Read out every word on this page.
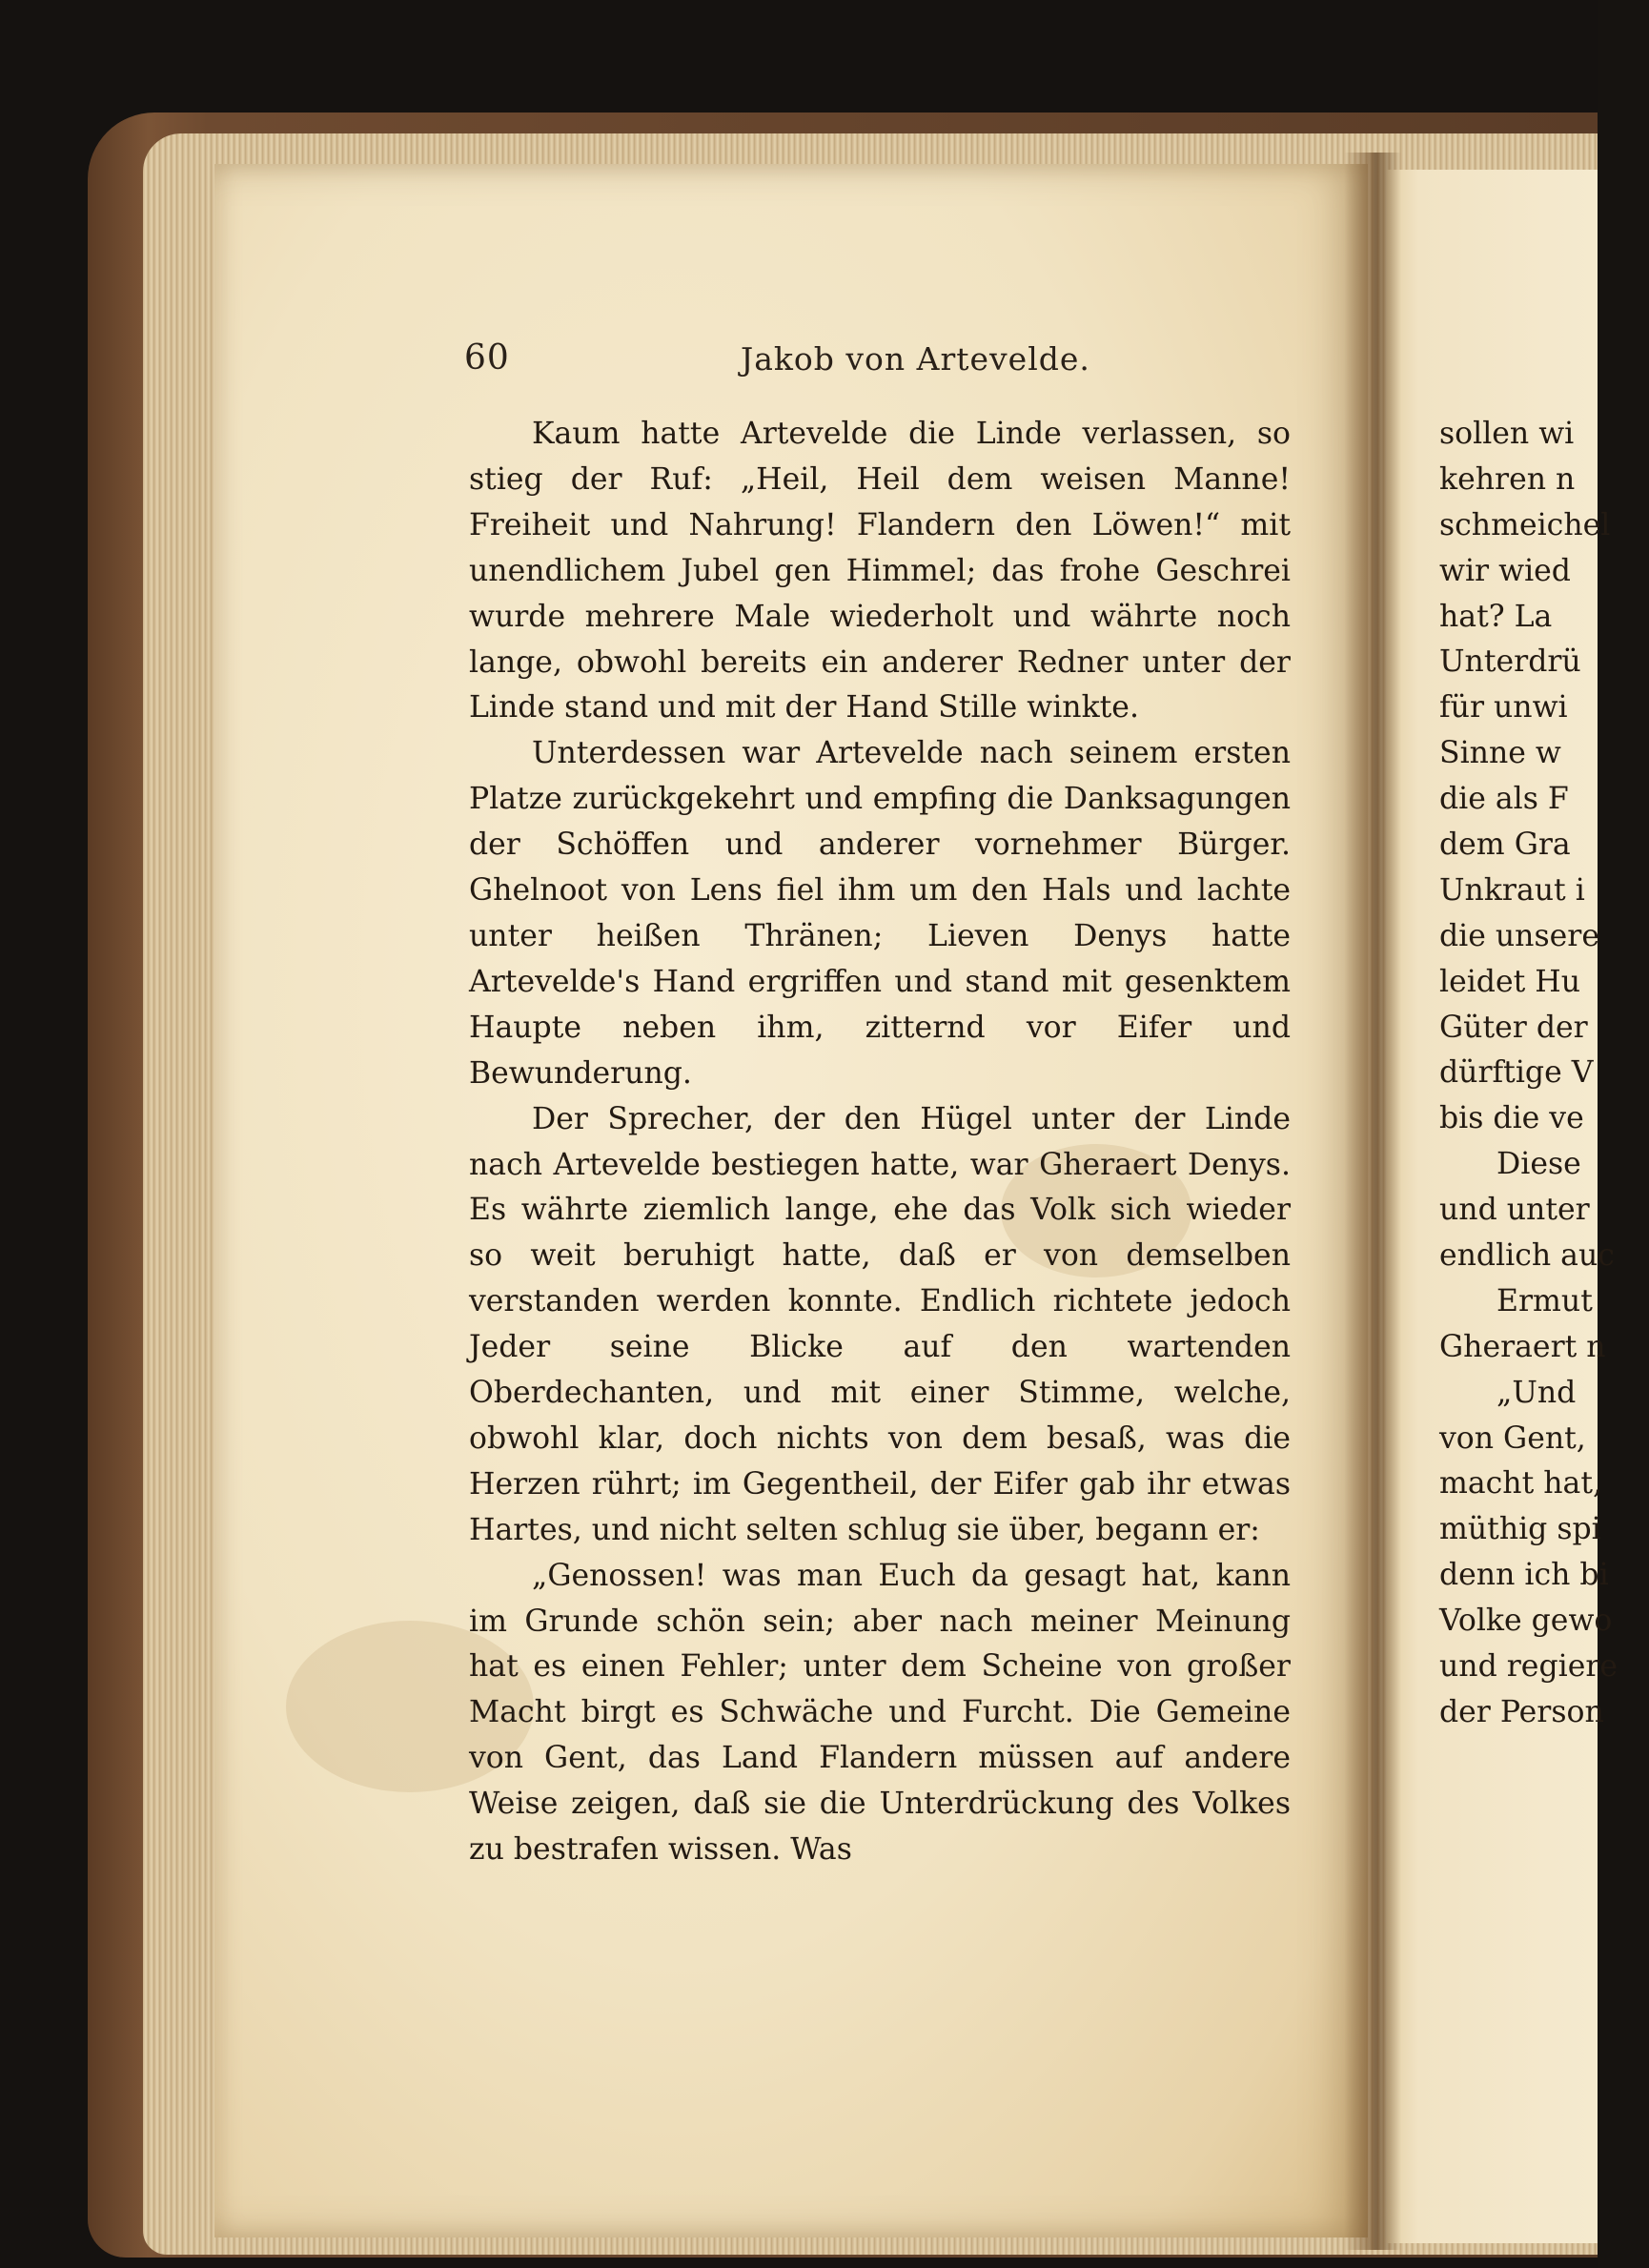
60	Jakob von Artevelde.

Kaum hatte Artevelde die Linde verlassen, so stieg der Ruf: „Heil, Heil dem weisen Manne! Freiheit und Nahrung! Flandern den Löwen!“ mit unendlichem Jubel gen Himmel; das frohe Geschrei wurde mehrere Male wiederholt und währte noch lange, obwohl bereits ein anderer Redner unter der Linde stand und mit der Hand Stille winkte.

Unterdessen war Artevelde nach seinem ersten Platze zurückgekehrt und empfing die Danksagungen der Schöffen und anderer vornehmer Bürger. Ghelnoot von Lens fiel ihm um den Hals und lachte unter heißen Thränen; Lieven Denys hatte Artevelde's Hand ergriffen und stand mit gesenktem Haupte neben ihm, zitternd vor Eifer und Bewunderung.

Der Sprecher, der den Hügel unter der Linde nach Artevelde bestiegen hatte, war Gheraert Denys. Es währte ziemlich lange, ehe das Volk sich wieder so weit beruhigt hatte, daß er von demselben verstanden werden konnte. Endlich richtete jedoch Jeder seine Blicke auf den wartenden Oberdechanten, und mit einer Stimme, welche, obwohl klar, doch nichts von dem besaß, was die Herzen rührt; im Gegentheil, der Eifer gab ihr etwas Hartes, und nicht selten schlug sie über, begann er:

„Genossen! was man Euch da gesagt hat, kann im Grunde schön sein; aber nach meiner Meinung hat es einen Fehler; unter dem Scheine von großer Macht birgt es Schwäche und Furcht. Die Gemeine von Gent, das Land Flandern müssen auf andere Weise zeigen, daß sie die Unterdrückung des Volkes zu bestrafen wissen. Was

sollen wi
kehren n
schmeichel
wir wied
hat? La
Unterdrü
für unwi
Sinne w
die als F
dem Gra
Unkraut i
die unsere
leidet Hu
Güter der
dürftige V
bis die ve
Diese
und unter
endlich auc
Ermut
Gheraert n
„Und
von Gent,
macht hat,
müthig spi
denn ich bi
Volke gewo
und regiere
der Person
